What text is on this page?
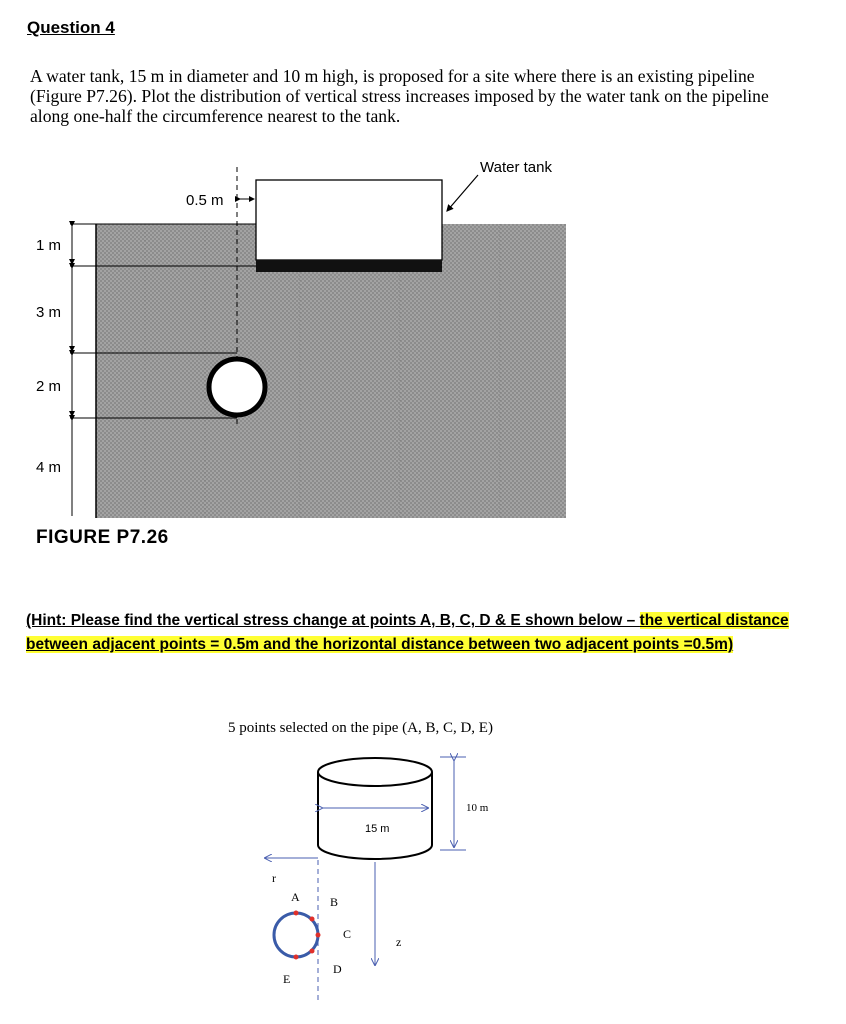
Question 4
A water tank, 15 m in diameter and 10 m high, is proposed for a site where there is an existing pipeline (Figure P7.26). Plot the distribution of vertical stress increases imposed by the water tank on the pipeline along one-half the circumference nearest to the tank.
Water tank
0.5 m
1 m
3 m
2 m
4 m
FIGURE P7.26
5 points selected on the pipe (A, B, C, D, E)
15 m
10 m
r
z
A	B
C
D
E
(Hint: Please find the vertical stress change at points A, B, C, D & E shown below – the vertical distance between adjacent points = 0.5m and the horizontal distance between two adjacent points =0.5m)
